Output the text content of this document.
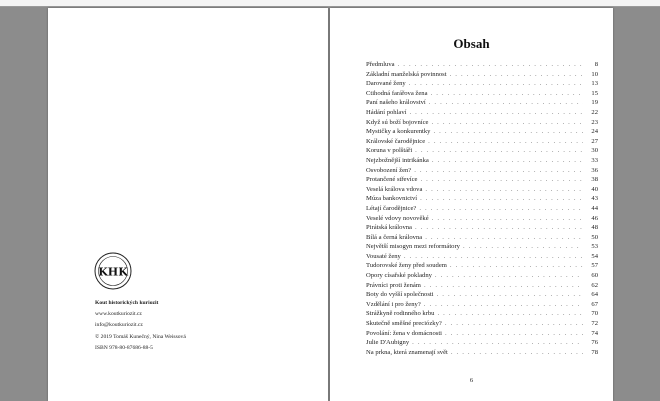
KHK
Kout historických kuriozit
www.koutkuriozit.cz
info@koutkuriozit.cz
© 2019 Tomáš Kunečný, Nina Weissová
ISBN 978-80-87686-88-5
Obsah
Předmluva . . .	8
Základní manželská povinnost . . .	10
Darované ženy . . .	13
Ctihodná farářova žena . . .	15
Paní našeho království . . .	19
Hádání pohlaví . . .	22
Když sú boží bojovníce . . .	23
Mystičky a konkurentky . . .	24
Královské čarodějnice . . .	27
Koruna v polštáři . . .	30
Nejzbožnější intrikánka . . .	33
Osvobození žen? . . .	36
Protančené střevíce . . .	38
Veselá králova vdova . . .	40
Múza bankovnictví . . .	43
Létají čarodějnice? . . .	44
Veselé vdovy novověké . . .	46
Pirátská královna . . .	48
Bílá a černá královna . . .	50
Největší misogyn mezi reformátory . . .	53
Vousaté ženy . . .	54
Tudorovské ženy před soudem . . .	57
Opory císařské pokladny . . .	60
Právníci proti ženám . . .	62
Boty do vyšší společnosti . . .	64
Vzdělání i pro ženy? . . .	67
Strážkyně rodinného krbu . . .	70
Skutečně směšné preciózky? . . .	72
Povolání: žena v domácnosti . . .	74
Julie D'Aubigny . . .	76
Na prkna, která znamenají svět . . .	78
6
